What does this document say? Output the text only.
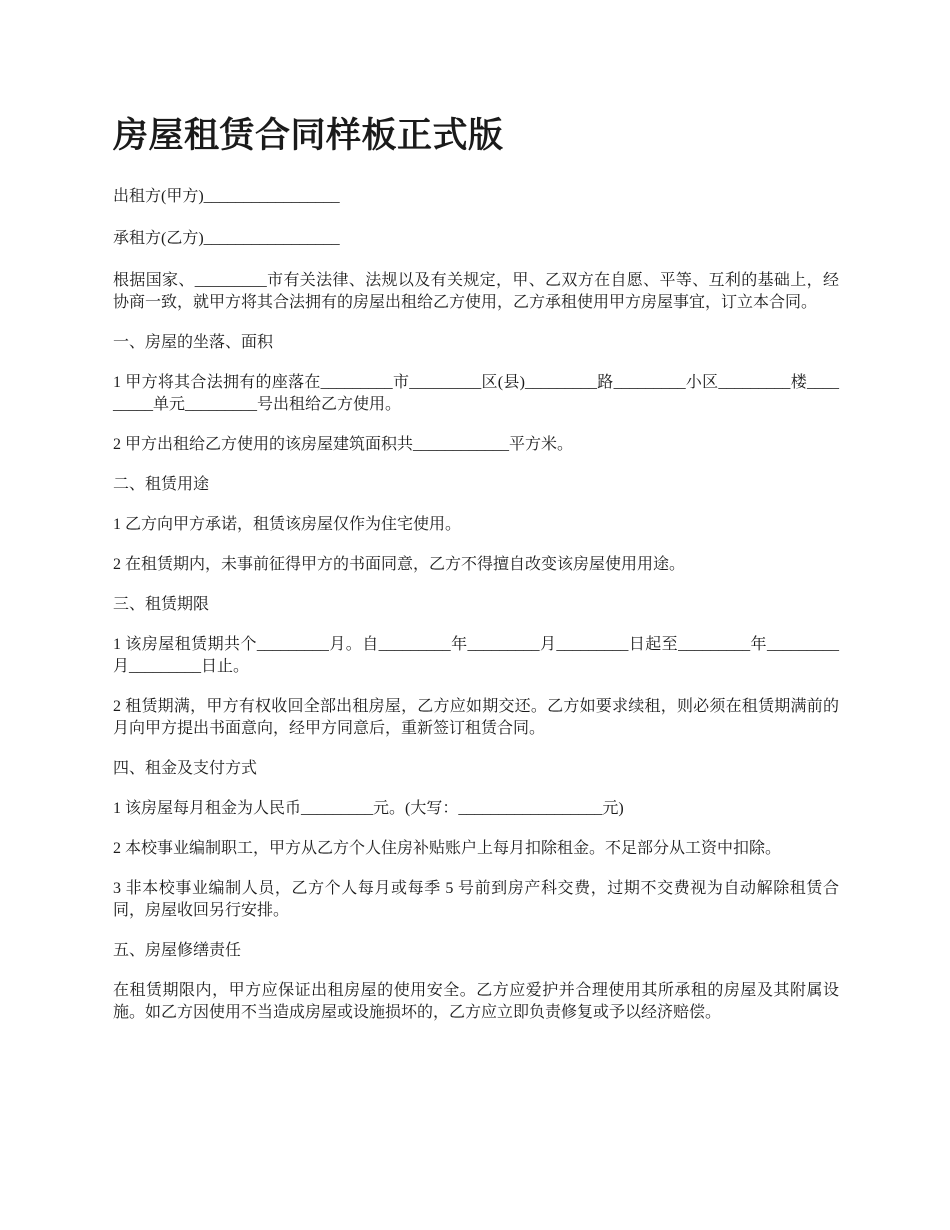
房屋租赁合同样板正式版

出租方(甲方)_________________

承租方(乙方)_________________

根据国家、_________市有关法律、法规以及有关规定，甲、乙双方在自愿、平等、互利的基础上，经协商一致，就甲方将其合法拥有的房屋出租给乙方使用，乙方承租使用甲方房屋事宜，订立本合同。

一、房屋的坐落、面积

1 甲方将其合法拥有的座落在_________市_________区(县)_________路_________小区_________楼_________单元_________号出租给乙方使用。

2 甲方出租给乙方使用的该房屋建筑面积共____________平方米。

二、租赁用途

1 乙方向甲方承诺，租赁该房屋仅作为住宅使用。

2 在租赁期内，未事前征得甲方的书面同意，乙方不得擅自改变该房屋使用用途。

三、租赁期限

1 该房屋租赁期共个_________月。自_________年_________月_________日起至_________年_________月_________日止。

2 租赁期满，甲方有权收回全部出租房屋，乙方应如期交还。乙方如要求续租，则必须在租赁期满前的月向甲方提出书面意向，经甲方同意后，重新签订租赁合同。

四、租金及支付方式

1 该房屋每月租金为人民币_________元。(大写：__________________元)

2 本校事业编制职工，甲方从乙方个人住房补贴账户上每月扣除租金。不足部分从工资中扣除。

3 非本校事业编制人员，乙方个人每月或每季 5 号前到房产科交费，过期不交费视为自动解除租赁合同，房屋收回另行安排。

五、房屋修缮责任

在租赁期限内，甲方应保证出租房屋的使用安全。乙方应爱护并合理使用其所承租的房屋及其附属设施。如乙方因使用不当造成房屋或设施损坏的，乙方应立即负责修复或予以经济赔偿。
